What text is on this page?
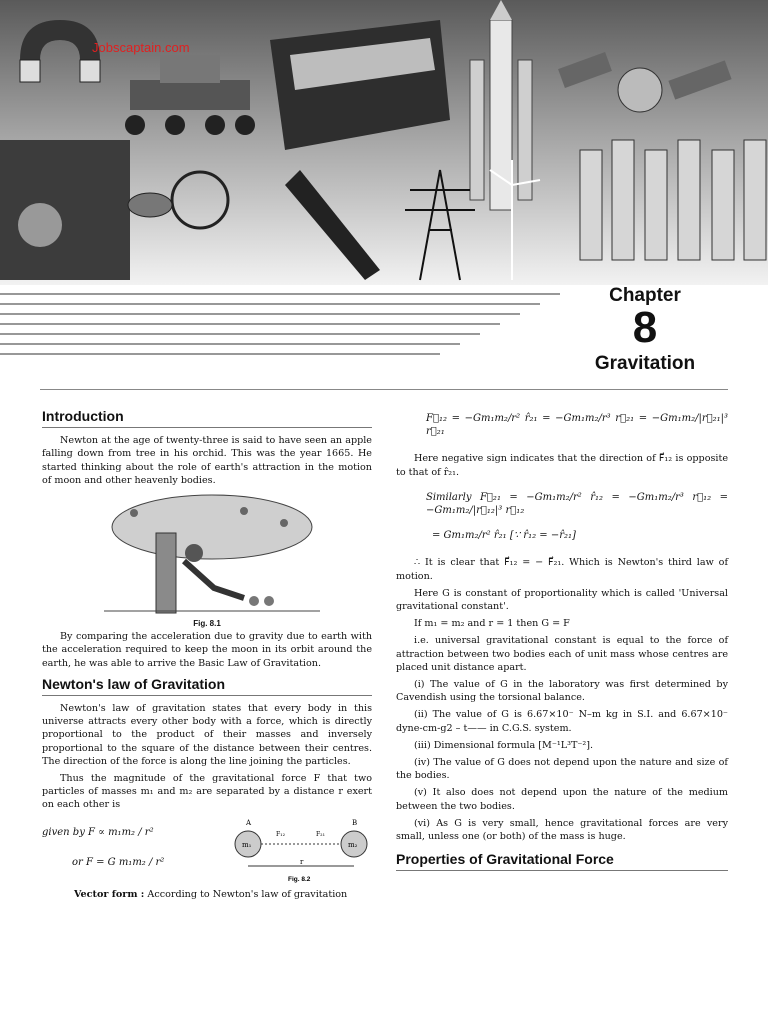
Jobscaptain.com
Chapter
8
Gravitation
Introduction

Newton at the age of twenty-three is said to have seen an apple falling down from tree in his orchid. This was the year 1665. He started thinking about the role of earth's attraction in the motion of moon and other heavenly bodies.

Fig. 8.1

By comparing the acceleration due to gravity due to earth with the acceleration required to keep the moon in its orbit around the earth, he was able to arrive the Basic Law of Gravitation.

Newton's law of Gravitation

Newton's law of gravitation states that every body in this universe attracts every other body with a force, which is directly proportional to the product of their masses and inversely proportional to the square of the distance between their centres. The direction of the force is along the line joining the particles.

Thus the magnitude of the gravitational force F that two particles of masses m₁ and m₂ are separated by a distance r exert on each other is

given by F ∝ m₁m₂ / r²
or F = G m₁m₂ / r²
A	B
m₁	m₂
F₁₂	F₂₁
r
Fig. 8.2

Vector form : According to Newton's law of gravitation

F⃗₁₂ = −Gm₁m₂/r² r̂₂₁ = −Gm₁m₂/r³ r⃗₂₁ = −Gm₁m₂/|r⃗₂₁|³ r⃗₂₁

Here negative sign indicates that the direction of F⃗₁₂ is opposite to that of r̂₂₁.

Similarly F⃗₂₁ = −Gm₁m₂/r² r̂₁₂ = −Gm₁m₂/r³ r⃗₁₂ = −Gm₁m₂/|r⃗₁₂|³ r⃗₁₂
= Gm₁m₂/r² r̂₂₁ [∵ r̂₁₂ = −r̂₂₁]

∴ It is clear that F⃗₁₂ = − F⃗₂₁. Which is Newton's third law of motion.

Here G is constant of proportionality which is called 'Universal gravitational constant'.

If m₁ = m₂ and r = 1 then G = F

i.e. universal gravitational constant is equal to the force of attraction between two bodies each of unit mass whose centres are placed unit distance apart.

(i) The value of G in the laboratory was first determined by Cavendish using the torsional balance.

(ii) The value of G is 6.67×10⁻ N–m kg in S.I. and 6.67×10⁻ dyne-cm-g2 – t—— in C.G.S. system.

(iii) Dimensional formula [M⁻¹L³T⁻²].

(iv) The value of G does not depend upon the nature and size of the bodies.

(v) It also does not depend upon the nature of the medium between the two bodies.

(vi) As G is very small, hence gravitational forces are very small, unless one (or both) of the mass is huge.

Properties of Gravitational Force
